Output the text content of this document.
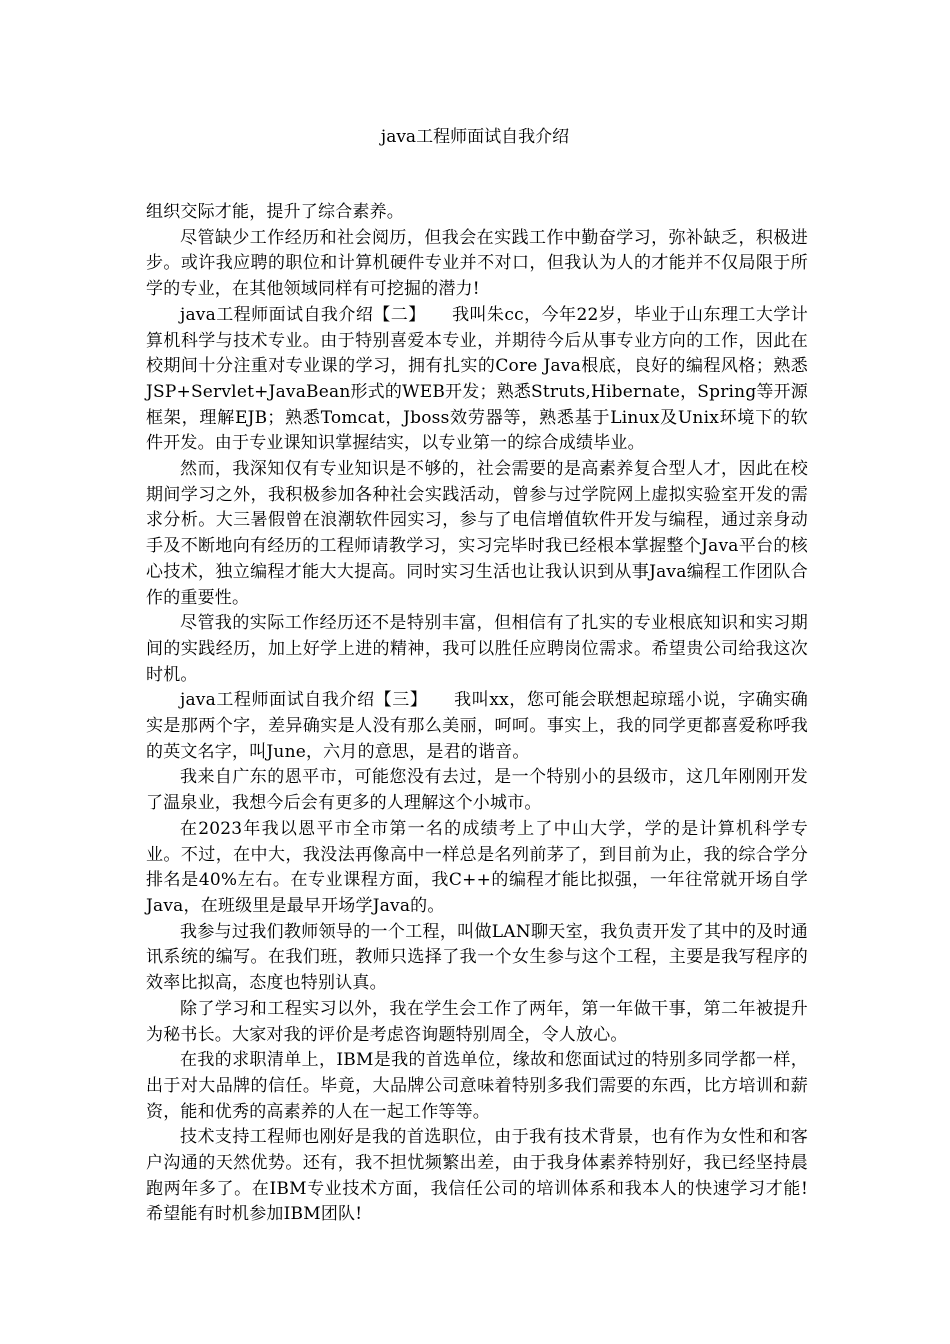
java工程师面试自我介绍

组织交际才能，提升了综合素养。

尽管缺少工作经历和社会阅历，但我会在实践工作中勤奋学习，弥补缺乏，积极进步。或许我应聘的职位和计算机硬件专业并不对口，但我认为人的才能并不仅局限于所学的专业，在其他领域同样有可挖掘的潜力!

java工程师面试自我介绍【二】　　我叫朱cc，今年22岁，毕业于山东理工大学计算机科学与技术专业。由于特别喜爱本专业，并期待今后从事专业方向的工作，因此在校期间十分注重对专业课的学习，拥有扎实的Core Java根底，良好的编程风格；熟悉JSP+Servlet+JavaBean形式的WEB开发；熟悉Struts,Hibernate，Spring等开源框架，理解EJB；熟悉Tomcat，Jboss效劳器等，熟悉基于Linux及Unix环境下的软件开发。由于专业课知识掌握结实，以专业第一的综合成绩毕业。

然而，我深知仅有专业知识是不够的，社会需要的是高素养复合型人才，因此在校期间学习之外，我积极参加各种社会实践活动，曾参与过学院网上虚拟实验室开发的需求分析。大三暑假曾在浪潮软件园实习，参与了电信增值软件开发与编程，通过亲身动手及不断地向有经历的工程师请教学习，实习完毕时我已经根本掌握整个Java平台的核心技术，独立编程才能大大提高。同时实习生活也让我认识到从事Java编程工作团队合作的重要性。

尽管我的实际工作经历还不是特别丰富，但相信有了扎实的专业根底知识和实习期间的实践经历，加上好学上进的精神，我可以胜任应聘岗位需求。希望贵公司给我这次时机。

java工程师面试自我介绍【三】　　我叫xx，您可能会联想起琼瑶小说，字确实确实是那两个字，差异确实是人没有那么美丽，呵呵。事实上，我的同学更都喜爱称呼我的英文名字，叫June，六月的意思，是君的谐音。

我来自广东的恩平市，可能您没有去过，是一个特别小的县级市，这几年刚刚开发了温泉业，我想今后会有更多的人理解这个小城市。

在2023年我以恩平市全市第一名的成绩考上了中山大学，学的是计算机科学专业。不过，在中大，我没法再像高中一样总是名列前茅了，到目前为止，我的综合学分排名是40%左右。在专业课程方面，我C++的编程才能比拟强，一年往常就开场自学Java，在班级里是最早开场学Java的。

我参与过我们教师领导的一个工程，叫做LAN聊天室，我负责开发了其中的及时通讯系统的编写。在我们班，教师只选择了我一个女生参与这个工程，主要是我写程序的效率比拟高，态度也特别认真。

除了学习和工程实习以外，我在学生会工作了两年，第一年做干事，第二年被提升为秘书长。大家对我的评价是考虑咨询题特别周全，令人放心。

在我的求职清单上，IBM是我的首选单位，缘故和您面试过的特别多同学都一样，出于对大品牌的信任。毕竟，大品牌公司意味着特别多我们需要的东西，比方培训和薪资，能和优秀的高素养的人在一起工作等等。

技术支持工程师也刚好是我的首选职位，由于我有技术背景，也有作为女性和和客户沟通的天然优势。还有，我不担忧频繁出差，由于我身体素养特别好，我已经坚持晨跑两年多了。在IBM专业技术方面，我信任公司的培训体系和我本人的快速学习才能!希望能有时机参加IBM团队!
